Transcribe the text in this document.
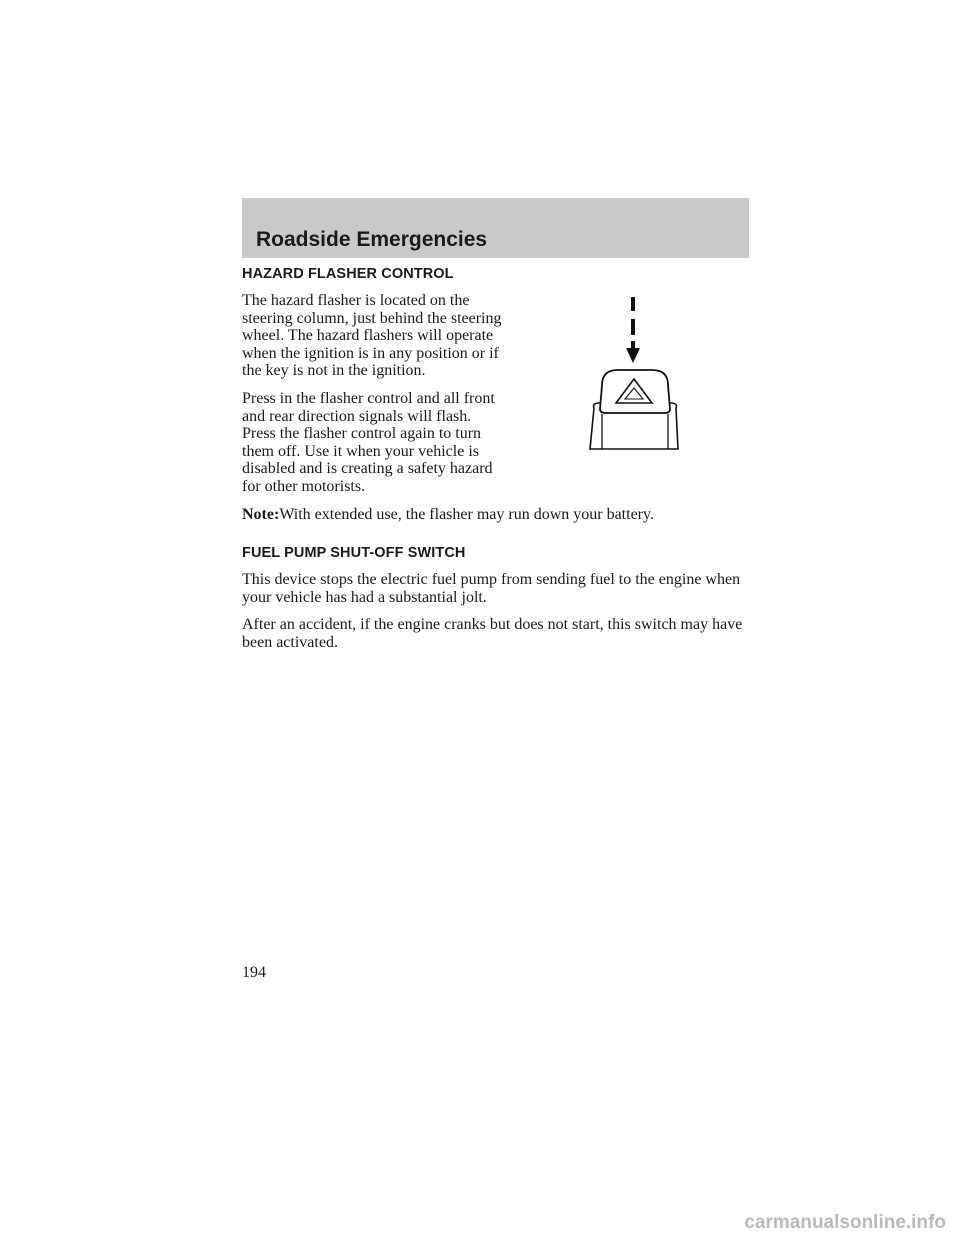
Roadside Emergencies
HAZARD FLASHER CONTROL

The hazard flasher is located on the steering column, just behind the steering wheel. The hazard flashers will operate when the ignition is in any position or if the key is not in the ignition.

Press in the flasher control and all front and rear direction signals will flash. Press the flasher control again to turn them off. Use it when your vehicle is disabled and is creating a safety hazard for other motorists.

Note:With extended use, the flasher may run down your battery.

FUEL PUMP SHUT-OFF SWITCH

This device stops the electric fuel pump from sending fuel to the engine when your vehicle has had a substantial jolt.

After an accident, if the engine cranks but does not start, this switch may have been activated.

194
carmanualsonline.info
